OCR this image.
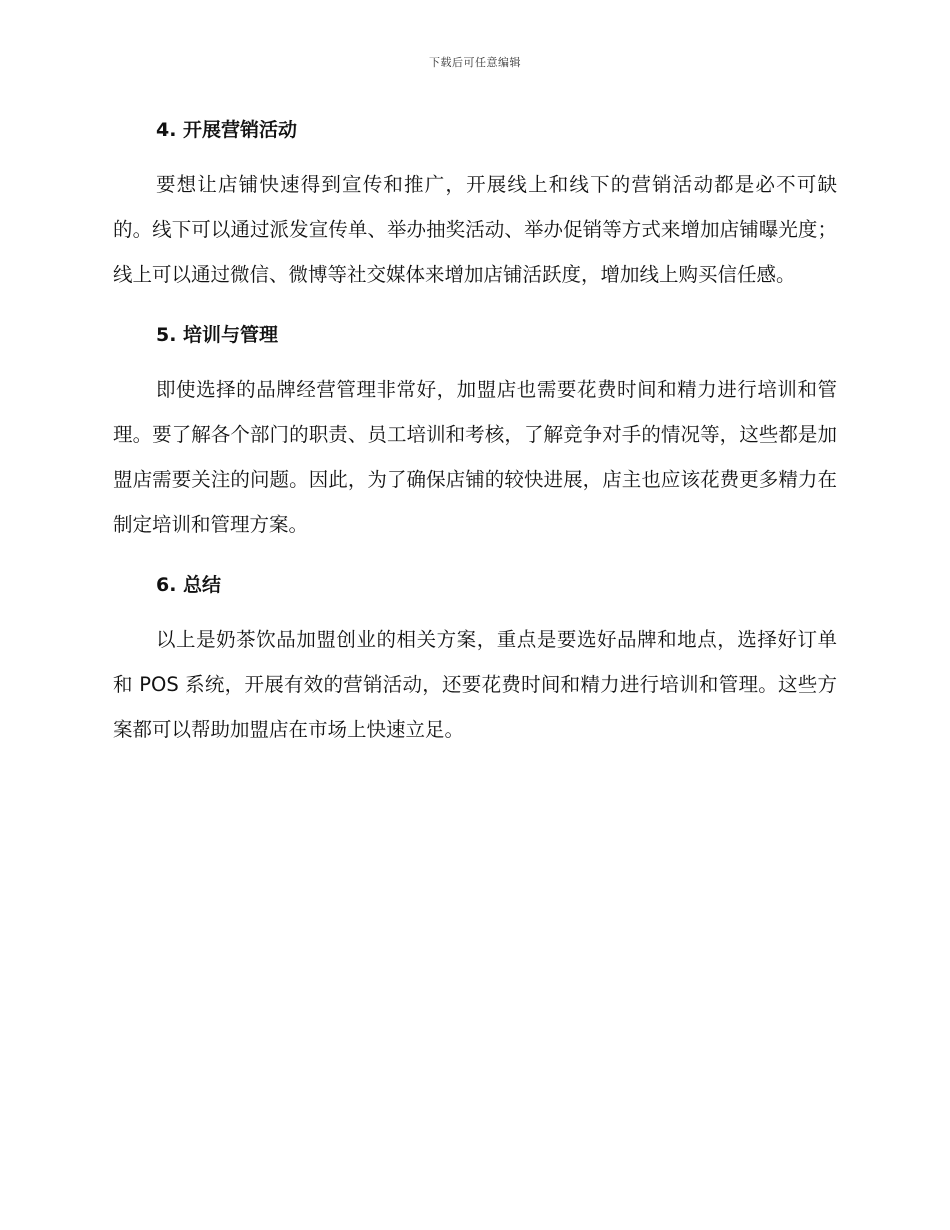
下载后可任意编辑
4. 开展营销活动

要想让店铺快速得到宣传和推广，开展线上和线下的营销活动都是必不可缺的。线下可以通过派发宣传单、举办抽奖活动、举办促销等方式来增加店铺曝光度；线上可以通过微信、微博等社交媒体来增加店铺活跃度，增加线上购买信任感。

5. 培训与管理

即使选择的品牌经营管理非常好，加盟店也需要花费时间和精力进行培训和管理。要了解各个部门的职责、员工培训和考核，了解竞争对手的情况等，这些都是加盟店需要关注的问题。因此，为了确保店铺的较快进展，店主也应该花费更多精力在制定培训和管理方案。

6. 总结

以上是奶茶饮品加盟创业的相关方案，重点是要选好品牌和地点，选择好订单和 POS 系统，开展有效的营销活动，还要花费时间和精力进行培训和管理。这些方案都可以帮助加盟店在市场上快速立足。
